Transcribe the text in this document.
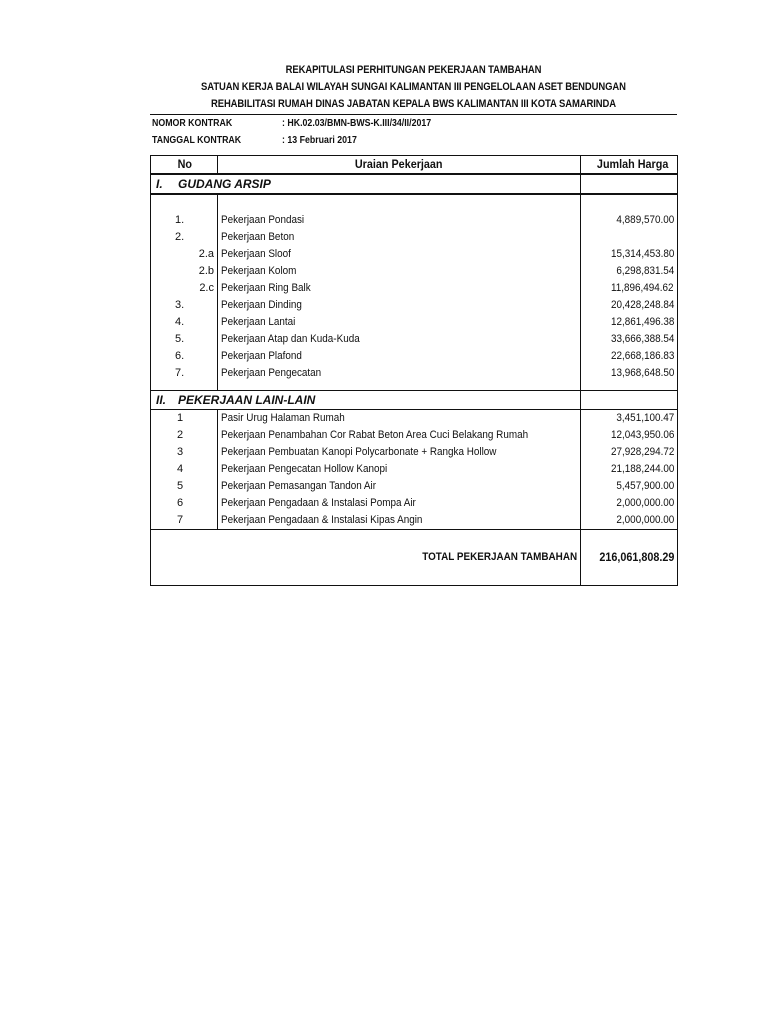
REKAPITULASI PERHITUNGAN PEKERJAAN TAMBAHAN
SATUAN KERJA BALAI WILAYAH SUNGAI KALIMANTAN III PENGELOLAAN ASET BENDUNGAN
REHABILITASI RUMAH DINAS JABATAN KEPALA BWS KALIMANTAN III KOTA SAMARINDA
NOMOR KONTRAK	: HK.02.03/BMN-BWS-K.III/34/II/2017
TANGGAL KONTRAK	: 13 Februari 2017
No	Uraian Pekerjaan	Jumlah Harga
I. GUDANG ARSIP		

1.	Pekerjaan Pondasi	4,889,570.00
2.	Pekerjaan Beton	
2.a	Pekerjaan Sloof	15,314,453.80
2.b	Pekerjaan Kolom	6,298,831.54
2.c	Pekerjaan Ring Balk	11,896,494.62
3.	Pekerjaan Dinding	20,428,248.84
4.	Pekerjaan Lantai	12,861,496.38
5.	Pekerjaan Atap dan Kuda-Kuda	33,666,388.54
6.	Pekerjaan Plafond	22,668,186.83
7.	Pekerjaan Pengecatan	13,968,648.50

II. PEKERJAAN LAIN-LAIN		
1	Pasir Urug Halaman Rumah	3,451,100.47
2	Pekerjaan Penambahan Cor Rabat Beton Area Cuci Belakang Rumah	12,043,950.06
3	Pekerjaan Pembuatan Kanopi Polycarbonate + Rangka Hollow	27,928,294.72
4	Pekerjaan Pengecatan Hollow Kanopi	21,188,244.00
5	Pekerjaan Pemasangan Tandon Air	5,457,900.00
6	Pekerjaan Pengadaan & Instalasi Pompa Air	2,000,000.00
7	Pekerjaan Pengadaan & Instalasi Kipas Angin	2,000,000.00
TOTAL PEKERJAAN TAMBAHAN		216,061,808.29
